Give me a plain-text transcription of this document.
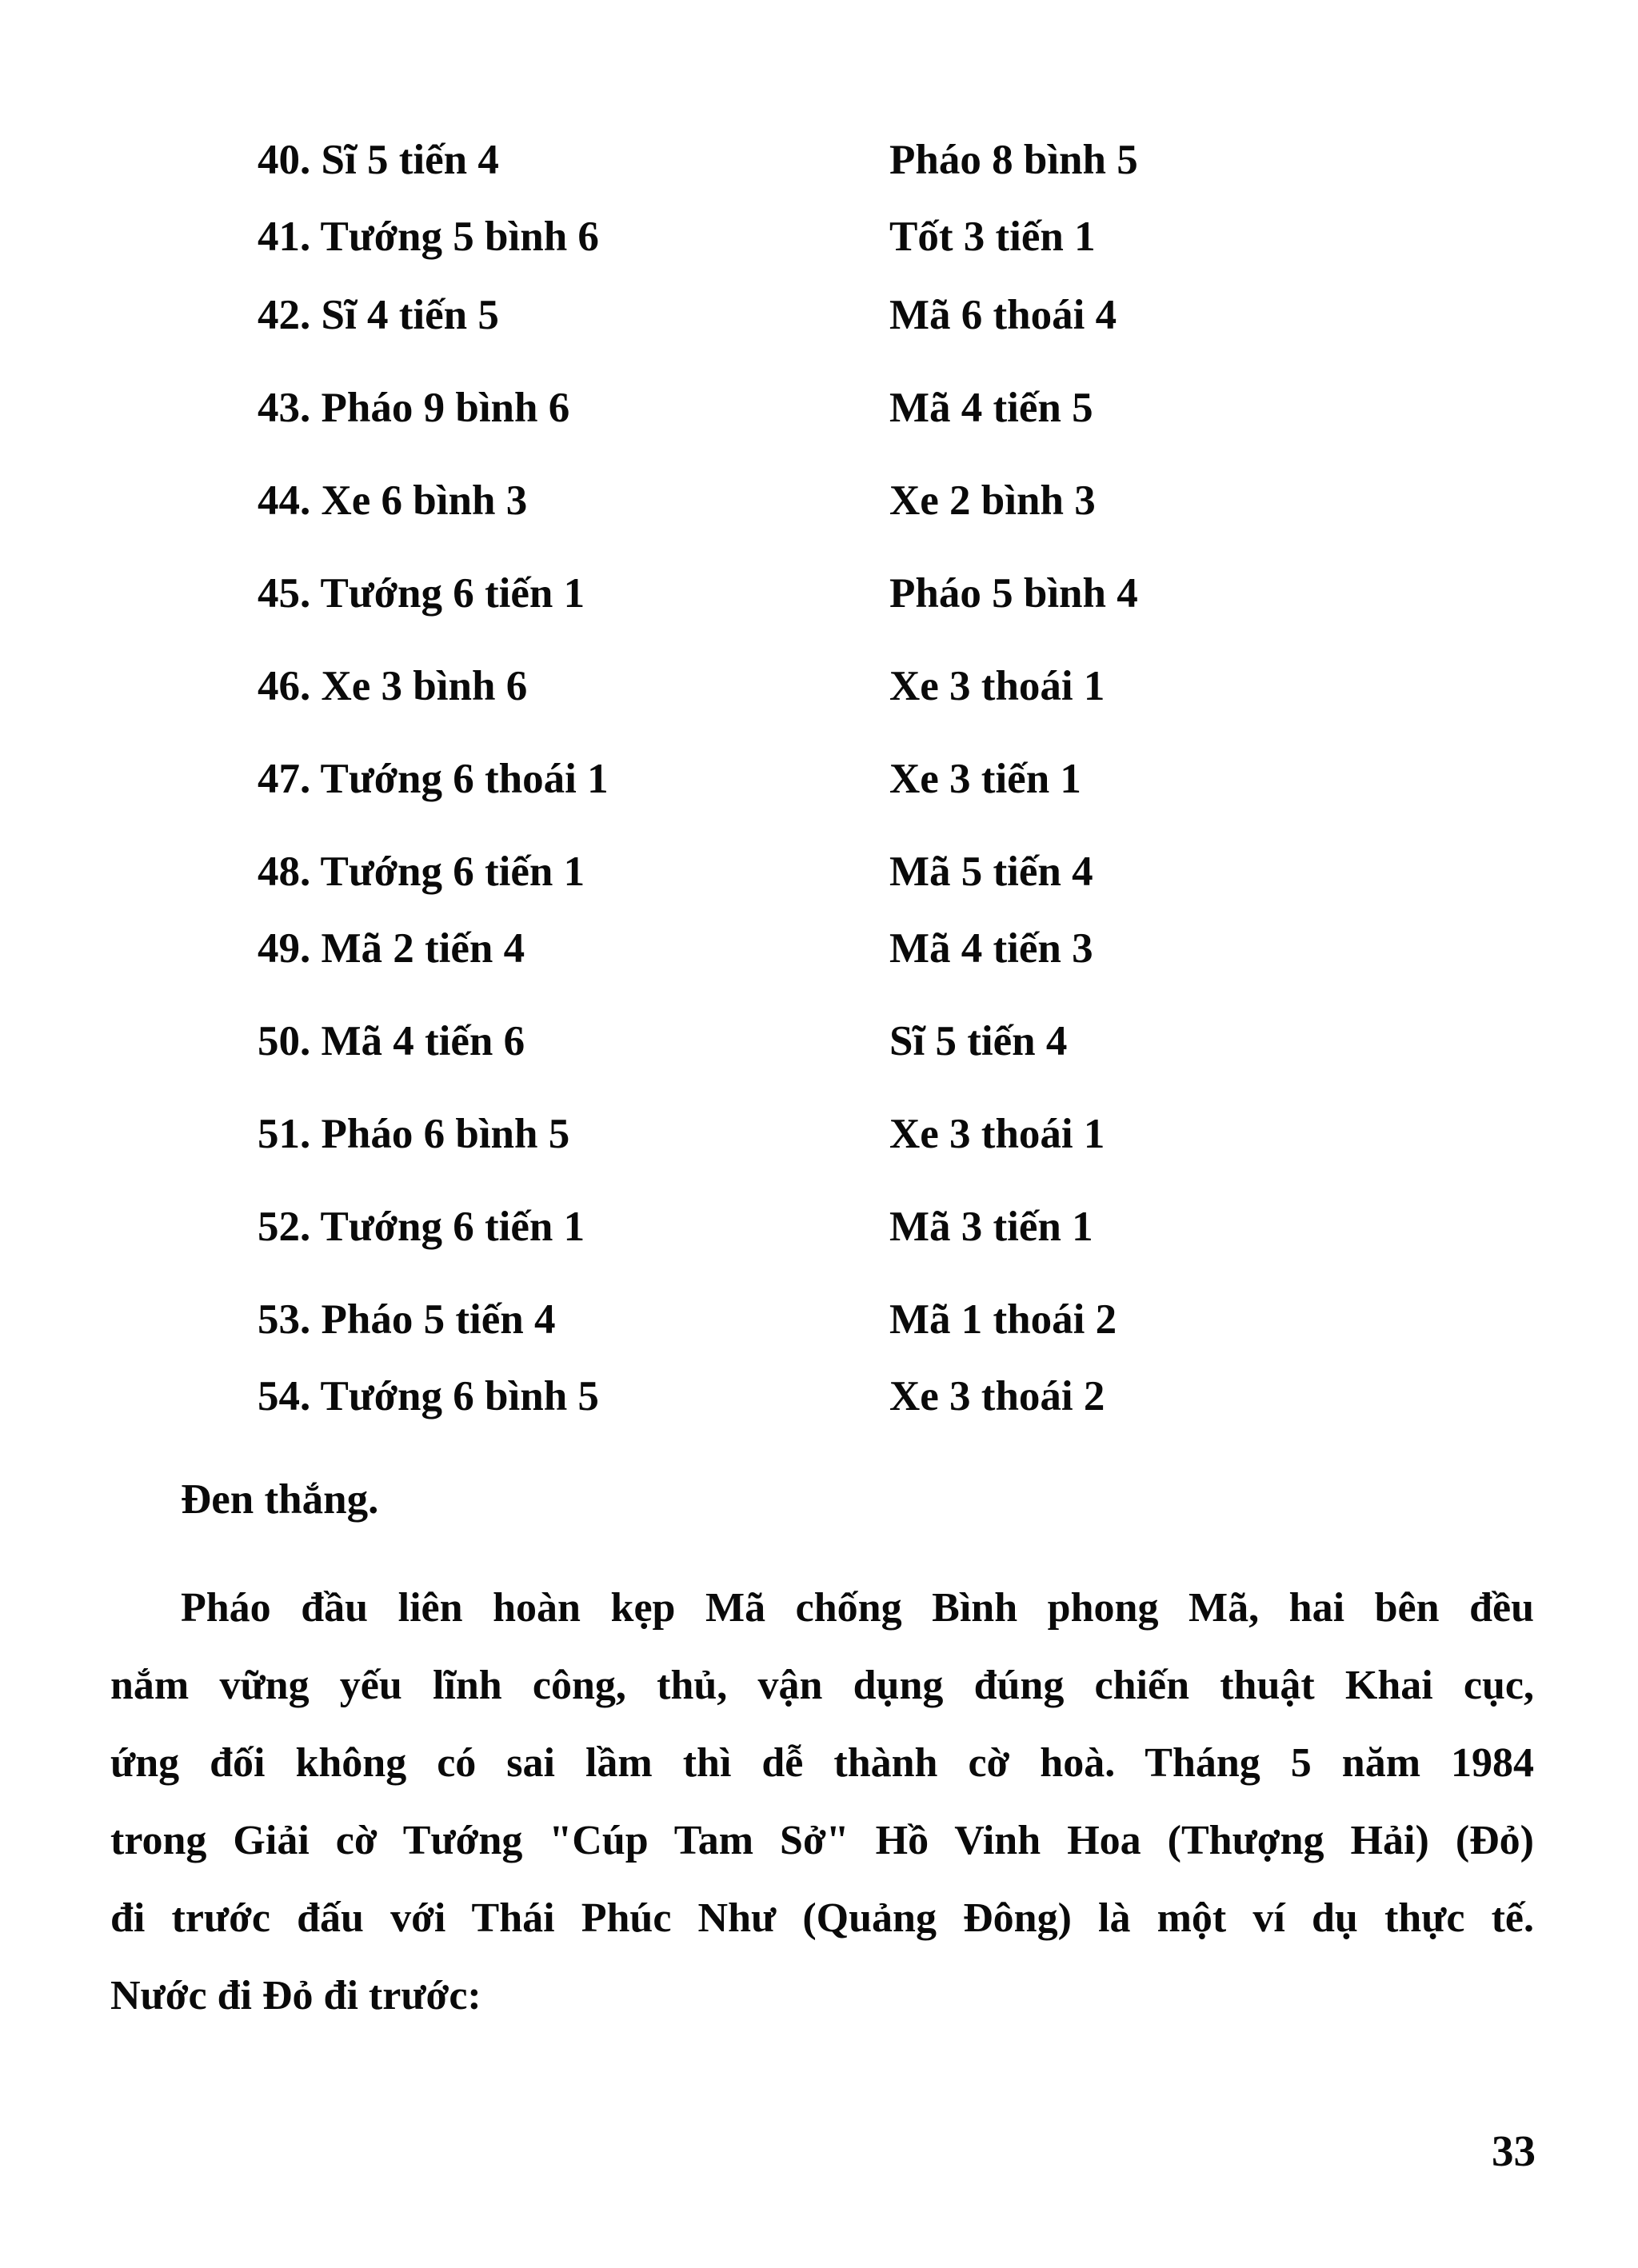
40. Sĩ 5 tiến 4	Pháo 8 bình 5
41. Tướng 5 bình 6	Tốt 3 tiến 1
42. Sĩ 4 tiến 5	Mã 6 thoái 4
43. Pháo 9 bình 6	Mã 4 tiến 5
44. Xe 6 bình 3	Xe 2 bình 3
45. Tướng 6 tiến 1	Pháo 5 bình 4
46. Xe 3 bình 6	Xe 3 thoái 1
47. Tướng 6 thoái 1	Xe 3 tiến 1
48. Tướng 6 tiến 1	Mã 5 tiến 4
49. Mã 2 tiến 4	Mã 4 tiến 3
50. Mã 4 tiến 6	Sĩ 5 tiến 4
51. Pháo 6 bình 5	Xe 3 thoái 1
52. Tướng 6 tiến 1	Mã 3 tiến 1
53. Pháo 5 tiến 4	Mã 1 thoái 2
54. Tướng 6 bình 5	Xe 3 thoái 2
Đen thắng.
Pháo đầu liên hoàn kẹp Mã chống Bình phong Mã, hai bên đều
nắm vững yếu lĩnh công, thủ, vận dụng đúng chiến thuật Khai cục,
ứng đối không có sai lầm thì dễ thành cờ hoà. Tháng 5 năm 1984
trong Giải cờ Tướng "Cúp Tam Sở" Hồ Vinh Hoa (Thượng Hải) (Đỏ)
đi trước đấu với Thái Phúc Như (Quảng Đông) là một ví dụ thực tế.
Nước đi Đỏ đi trước:
33
